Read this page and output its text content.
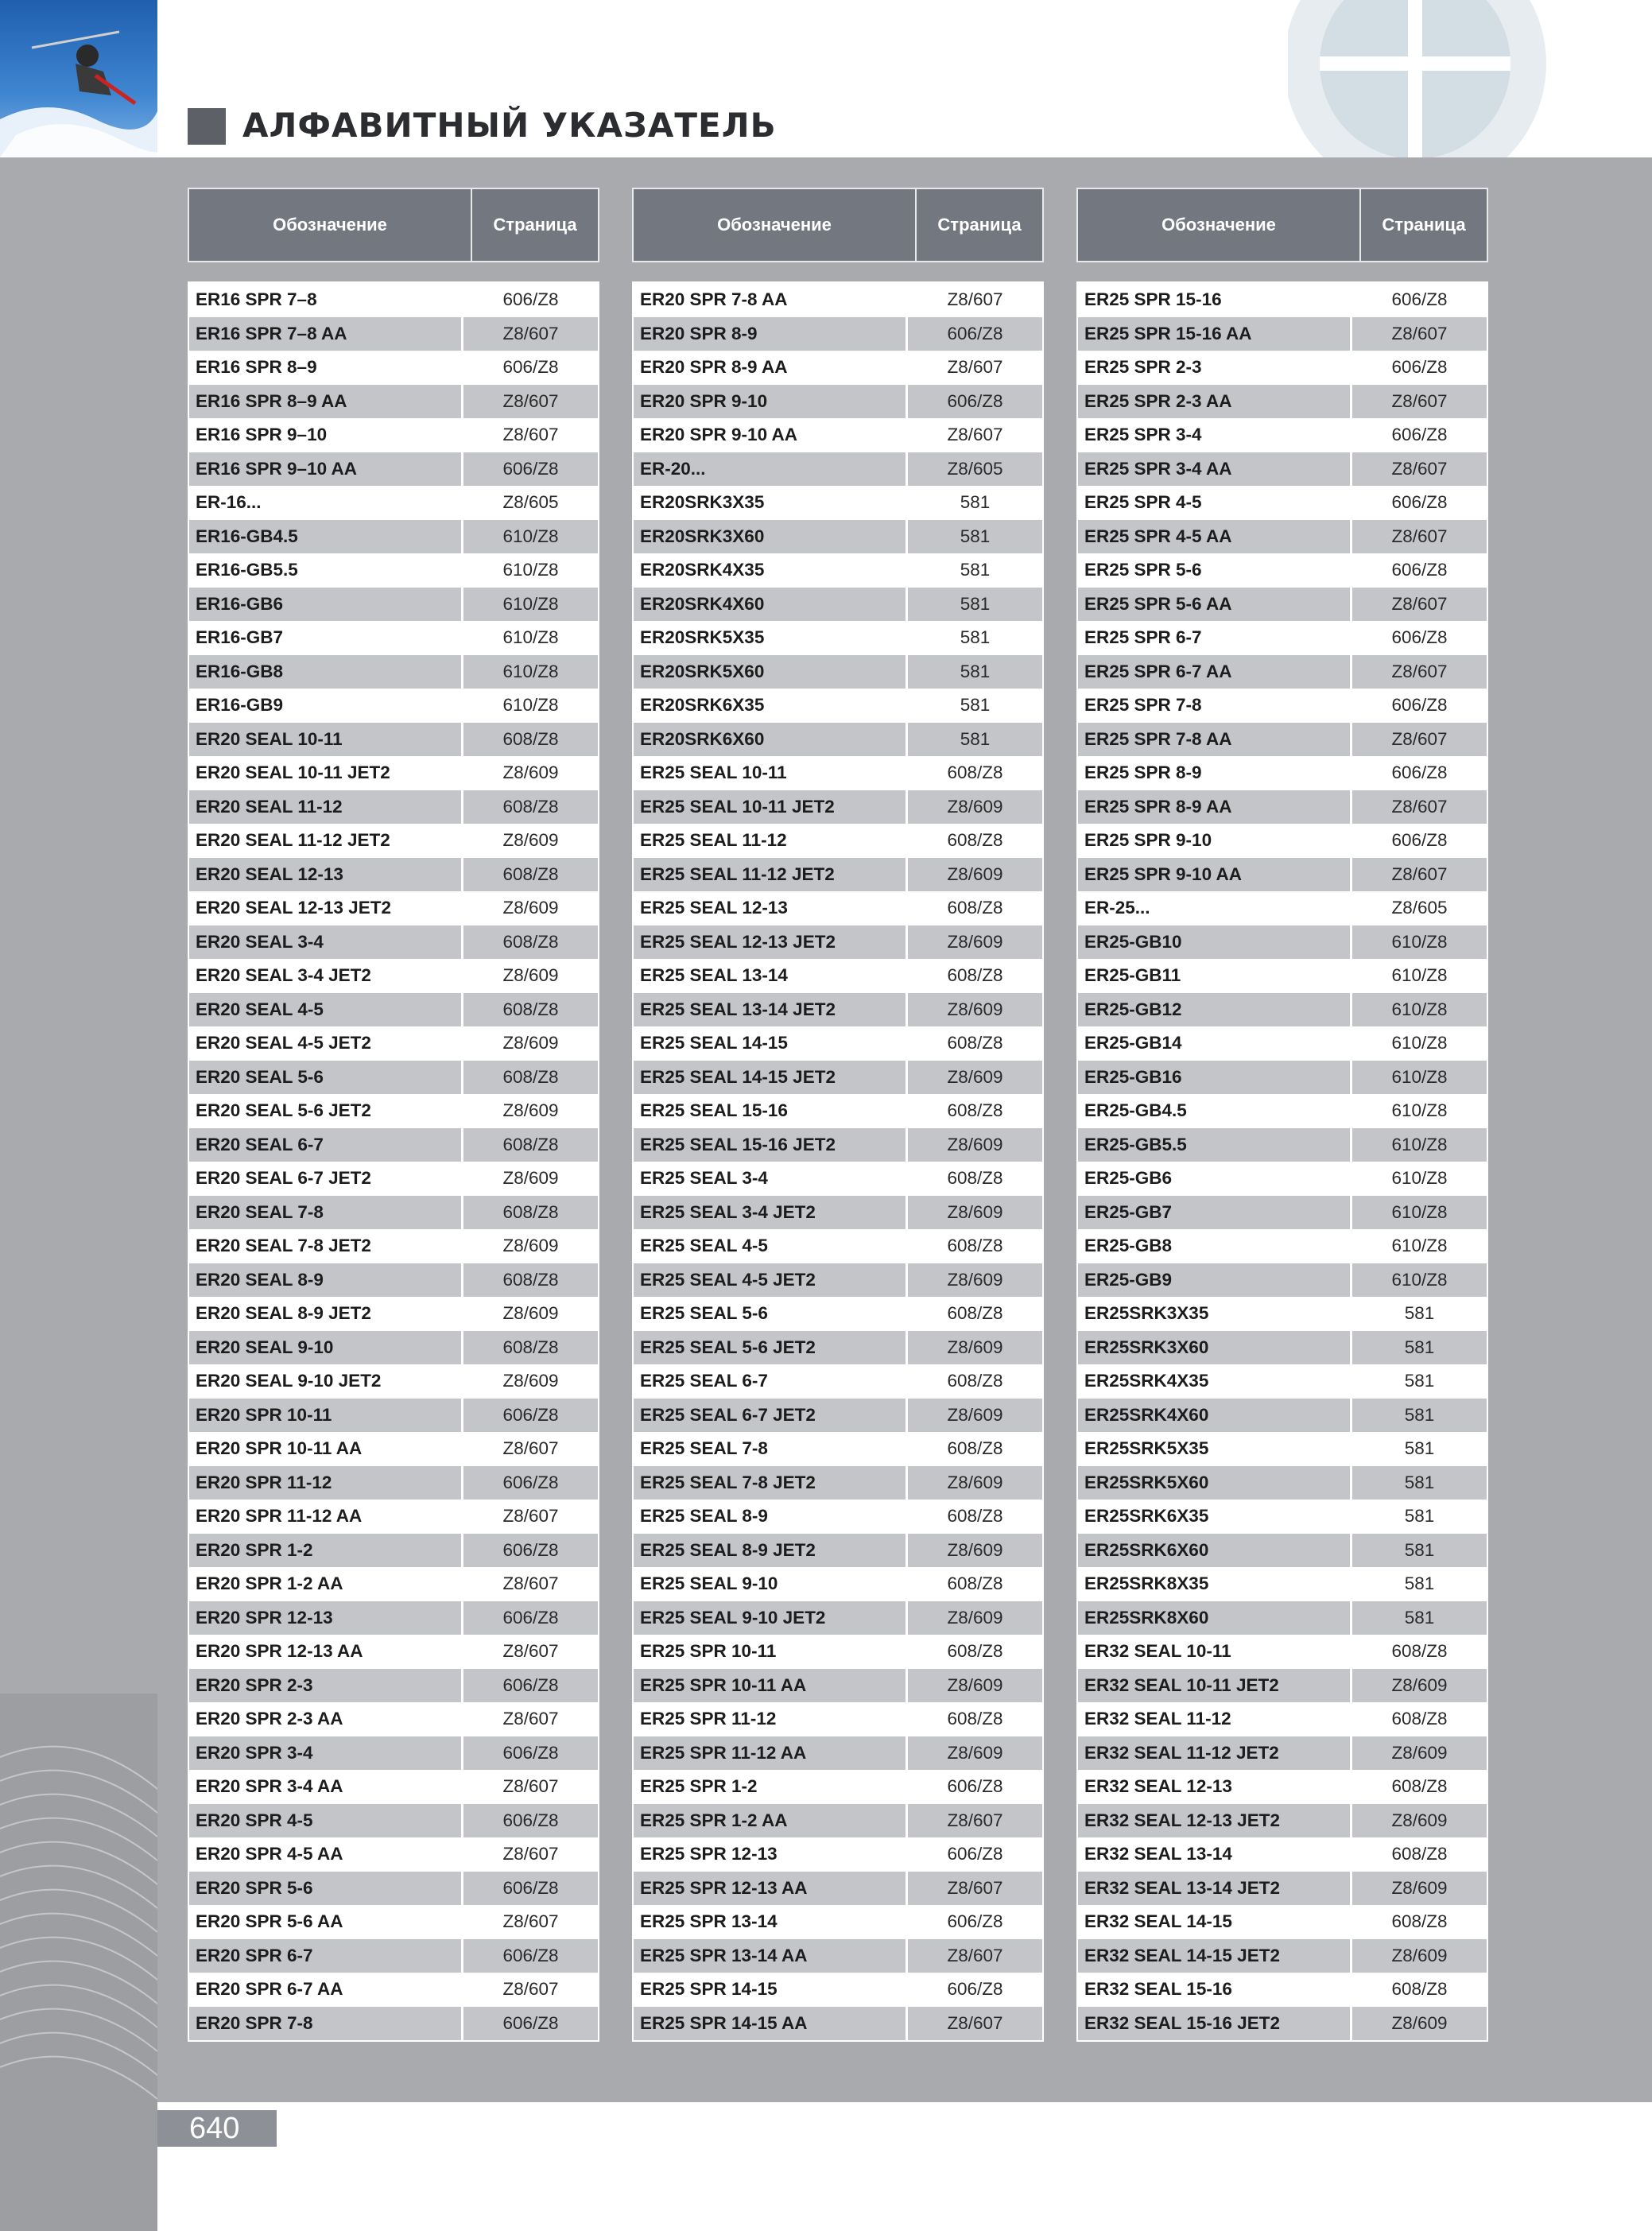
АЛФАВИТНЫЙ УКАЗАТЕЛЬ
Обозначение	Страница
ER16 SPR 7–8	606/Z8
ER16 SPR 7–8 AA	Z8/607
ER16 SPR 8–9	606/Z8
ER16 SPR 8–9 AA	Z8/607
ER16 SPR 9–10	Z8/607
ER16 SPR 9–10 AA	606/Z8
ER-16...	Z8/605
ER16-GB4.5	610/Z8
ER16-GB5.5	610/Z8
ER16-GB6	610/Z8
ER16-GB7	610/Z8
ER16-GB8	610/Z8
ER16-GB9	610/Z8
ER20 SEAL 10-11	608/Z8
ER20 SEAL 10-11 JET2	Z8/609
ER20 SEAL 11-12	608/Z8
ER20 SEAL 11-12 JET2	Z8/609
ER20 SEAL 12-13	608/Z8
ER20 SEAL 12-13 JET2	Z8/609
ER20 SEAL 3-4	608/Z8
ER20 SEAL 3-4 JET2	Z8/609
ER20 SEAL 4-5	608/Z8
ER20 SEAL 4-5 JET2	Z8/609
ER20 SEAL 5-6	608/Z8
ER20 SEAL 5-6 JET2	Z8/609
ER20 SEAL 6-7	608/Z8
ER20 SEAL 6-7 JET2	Z8/609
ER20 SEAL 7-8	608/Z8
ER20 SEAL 7-8 JET2	Z8/609
ER20 SEAL 8-9	608/Z8
ER20 SEAL 8-9 JET2	Z8/609
ER20 SEAL 9-10	608/Z8
ER20 SEAL 9-10 JET2	Z8/609
ER20 SPR 10-11	606/Z8
ER20 SPR 10-11 AA	Z8/607
ER20 SPR 11-12	606/Z8
ER20 SPR 11-12 AA	Z8/607
ER20 SPR 1-2	606/Z8
ER20 SPR 1-2 AA	Z8/607
ER20 SPR 12-13	606/Z8
ER20 SPR 12-13 AA	Z8/607
ER20 SPR 2-3	606/Z8
ER20 SPR 2-3 AA	Z8/607
ER20 SPR 3-4	606/Z8
ER20 SPR 3-4 AA	Z8/607
ER20 SPR 4-5	606/Z8
ER20 SPR 4-5 AA	Z8/607
ER20 SPR 5-6	606/Z8
ER20 SPR 5-6 AA	Z8/607
ER20 SPR 6-7	606/Z8
ER20 SPR 6-7 AA	Z8/607
ER20 SPR 7-8	606/Z8
Обозначение	Страница
ER20 SPR 7-8 AA	Z8/607
ER20 SPR 8-9	606/Z8
ER20 SPR 8-9 AA	Z8/607
ER20 SPR 9-10	606/Z8
ER20 SPR 9-10 AA	Z8/607
ER-20...	Z8/605
ER20SRK3X35	581
ER20SRK3X60	581
ER20SRK4X35	581
ER20SRK4X60	581
ER20SRK5X35	581
ER20SRK5X60	581
ER20SRK6X35	581
ER20SRK6X60	581
ER25 SEAL 10-11	608/Z8
ER25 SEAL 10-11 JET2	Z8/609
ER25 SEAL 11-12	608/Z8
ER25 SEAL 11-12 JET2	Z8/609
ER25 SEAL 12-13	608/Z8
ER25 SEAL 12-13 JET2	Z8/609
ER25 SEAL 13-14	608/Z8
ER25 SEAL 13-14 JET2	Z8/609
ER25 SEAL 14-15	608/Z8
ER25 SEAL 14-15 JET2	Z8/609
ER25 SEAL 15-16	608/Z8
ER25 SEAL 15-16 JET2	Z8/609
ER25 SEAL 3-4	608/Z8
ER25 SEAL 3-4 JET2	Z8/609
ER25 SEAL 4-5	608/Z8
ER25 SEAL 4-5 JET2	Z8/609
ER25 SEAL 5-6	608/Z8
ER25 SEAL 5-6 JET2	Z8/609
ER25 SEAL 6-7	608/Z8
ER25 SEAL 6-7 JET2	Z8/609
ER25 SEAL 7-8	608/Z8
ER25 SEAL 7-8 JET2	Z8/609
ER25 SEAL 8-9	608/Z8
ER25 SEAL 8-9 JET2	Z8/609
ER25 SEAL 9-10	608/Z8
ER25 SEAL 9-10 JET2	Z8/609
ER25 SPR 10-11	608/Z8
ER25 SPR 10-11 AA	Z8/609
ER25 SPR 11-12	608/Z8
ER25 SPR 11-12 AA	Z8/609
ER25 SPR 1-2	606/Z8
ER25 SPR 1-2 AA	Z8/607
ER25 SPR 12-13	606/Z8
ER25 SPR 12-13 AA	Z8/607
ER25 SPR 13-14	606/Z8
ER25 SPR 13-14 AA	Z8/607
ER25 SPR 14-15	606/Z8
ER25 SPR 14-15 AA	Z8/607
Обозначение	Страница
ER25 SPR 15-16	606/Z8
ER25 SPR 15-16 AA	Z8/607
ER25 SPR 2-3	606/Z8
ER25 SPR 2-3 AA	Z8/607
ER25 SPR 3-4	606/Z8
ER25 SPR 3-4 AA	Z8/607
ER25 SPR 4-5	606/Z8
ER25 SPR 4-5 AA	Z8/607
ER25 SPR 5-6	606/Z8
ER25 SPR 5-6 AA	Z8/607
ER25 SPR 6-7	606/Z8
ER25 SPR 6-7 AA	Z8/607
ER25 SPR 7-8	606/Z8
ER25 SPR 7-8 AA	Z8/607
ER25 SPR 8-9	606/Z8
ER25 SPR 8-9 AA	Z8/607
ER25 SPR 9-10	606/Z8
ER25 SPR 9-10 AA	Z8/607
ER-25...	Z8/605
ER25-GB10	610/Z8
ER25-GB11	610/Z8
ER25-GB12	610/Z8
ER25-GB14	610/Z8
ER25-GB16	610/Z8
ER25-GB4.5	610/Z8
ER25-GB5.5	610/Z8
ER25-GB6	610/Z8
ER25-GB7	610/Z8
ER25-GB8	610/Z8
ER25-GB9	610/Z8
ER25SRK3X35	581
ER25SRK3X60	581
ER25SRK4X35	581
ER25SRK4X60	581
ER25SRK5X35	581
ER25SRK5X60	581
ER25SRK6X35	581
ER25SRK6X60	581
ER25SRK8X35	581
ER25SRK8X60	581
ER32 SEAL 10-11	608/Z8
ER32 SEAL 10-11 JET2	Z8/609
ER32 SEAL 11-12	608/Z8
ER32 SEAL 11-12 JET2	Z8/609
ER32 SEAL 12-13	608/Z8
ER32 SEAL 12-13 JET2	Z8/609
ER32 SEAL 13-14	608/Z8
ER32 SEAL 13-14 JET2	Z8/609
ER32 SEAL 14-15	608/Z8
ER32 SEAL 14-15 JET2	Z8/609
ER32 SEAL 15-16	608/Z8
ER32 SEAL 15-16 JET2	Z8/609
640
